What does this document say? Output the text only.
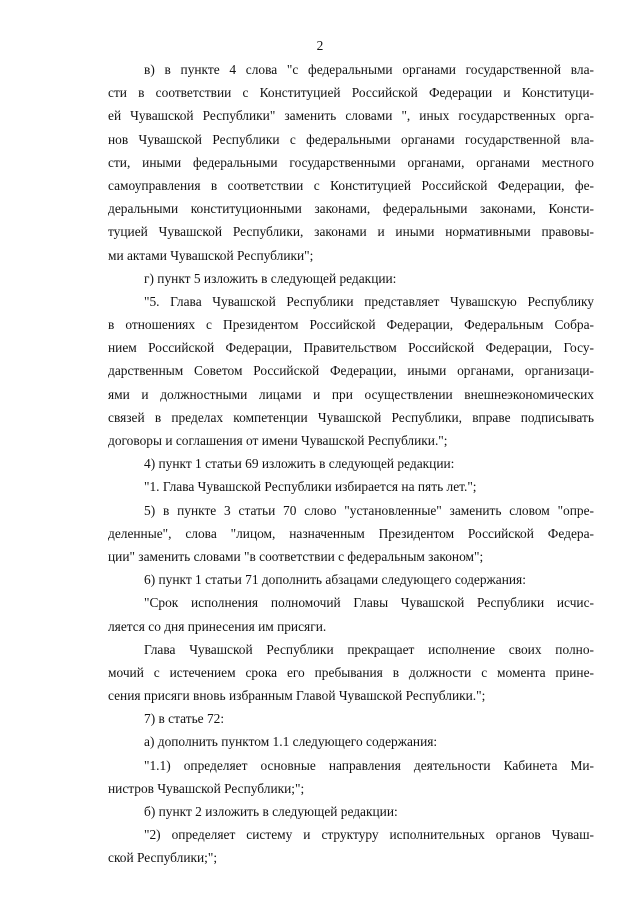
2
в) в пункте 4 слова "с федеральными органами государственной вла-
сти в соответствии с Конституцией Российской Федерации и Конституци-
ей Чувашской Республики" заменить словами ", иных государственных орга-
нов Чувашской Республики с федеральными органами государственной вла-
сти, иными федеральными государственными органами, органами местного
самоуправления в соответствии с Конституцией Российской Федерации, фе-
деральными конституционными законами, федеральными законами, Консти-
туцией Чувашской Республики, законами и иными нормативными правовы-
ми актами Чувашской Республики";
г) пункт 5 изложить в следующей редакции:
"5. Глава Чувашской Республики представляет Чувашскую Республику
в отношениях с Президентом Российской Федерации, Федеральным Собра-
нием Российской Федерации, Правительством Российской Федерации, Госу-
дарственным Советом Российской Федерации, иными органами, организаци-
ями и должностными лицами и при осуществлении внешнеэкономических
связей в пределах компетенции Чувашской Республики, вправе подписывать
договоры и соглашения от имени Чувашской Республики.";
4) пункт 1 статьи 69 изложить в следующей редакции:
"1. Глава Чувашской Республики избирается на пять лет.";
5) в пункте 3 статьи 70 слово "установленные" заменить словом "опре-
деленные", слова "лицом, назначенным Президентом Российской Федера-
ции" заменить словами "в соответствии с федеральным законом";
6) пункт 1 статьи 71 дополнить абзацами следующего содержания:
"Срок исполнения полномочий Главы Чувашской Республики исчис-
ляется со дня принесения им присяги.
Глава Чувашской Республики прекращает исполнение своих полно-
мочий с истечением срока его пребывания в должности с момента прине-
сения присяги вновь избранным Главой Чувашской Республики.";
7) в статье 72:
а) дополнить пунктом 1.1 следующего содержания:
"1.1) определяет основные направления деятельности Кабинета Ми-
нистров Чувашской Республики;";
б) пункт 2 изложить в следующей редакции:
"2) определяет систему и структуру исполнительных органов Чуваш-
ской Республики;";
